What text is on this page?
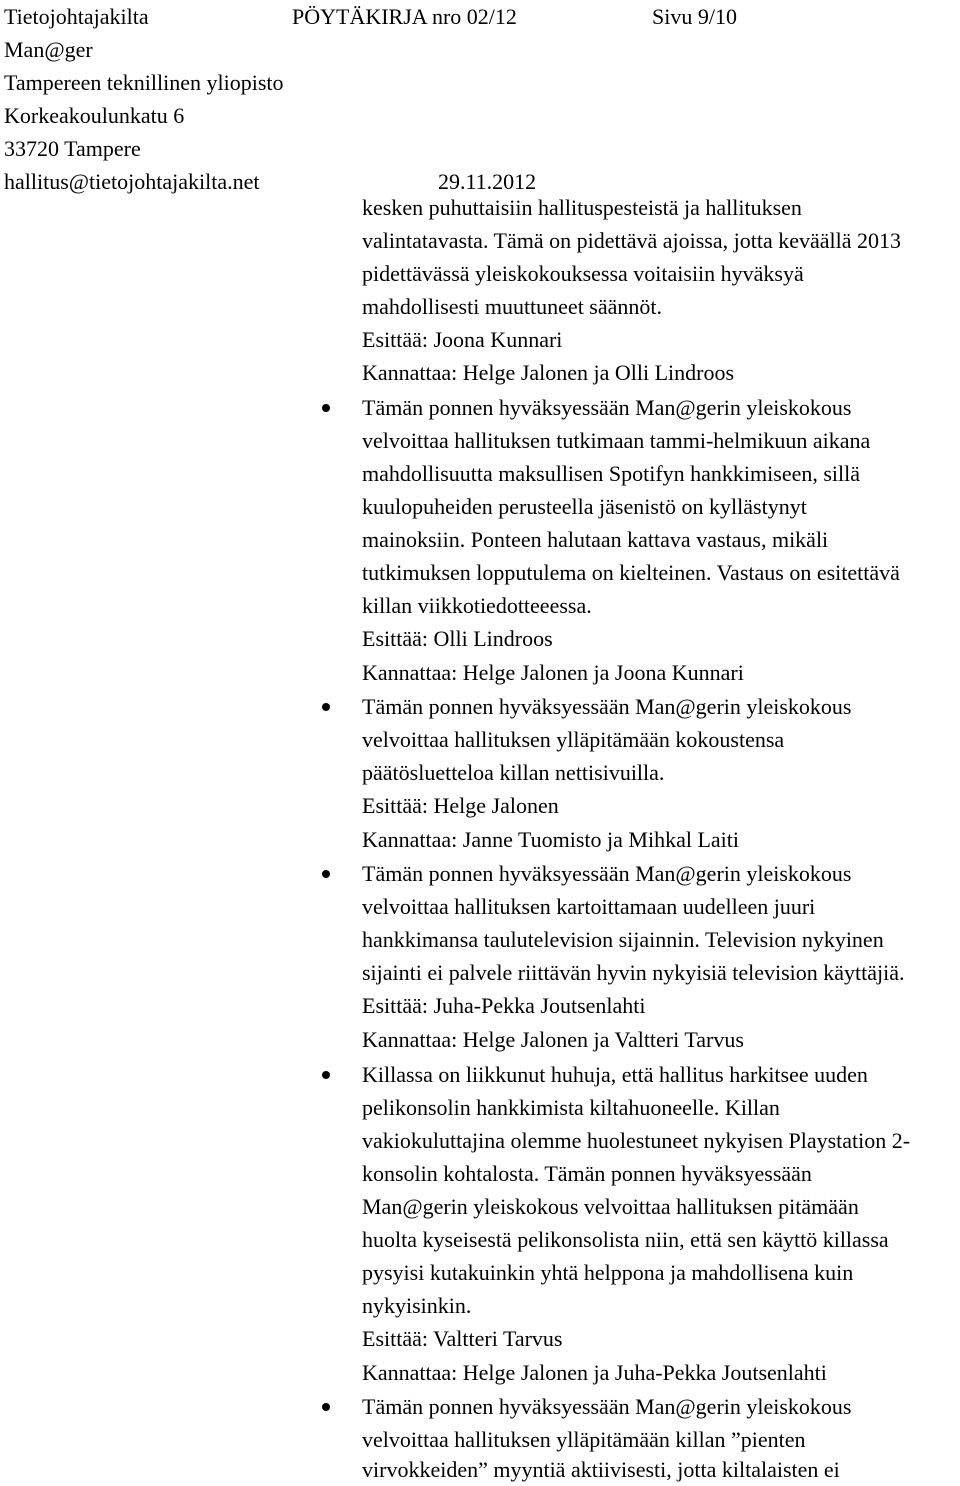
Tietojohtajakilta	PÖYTÄKIRJA nro 02/12	Sivu 9/10
Man@ger
Tampereen teknillinen yliopisto
Korkeakoulunkatu 6
33720 Tampere
hallitus@tietojohtajakilta.net	29.11.2012
kesken puhuttaisiin hallituspesteistä ja hallituksen
valintatavasta. Tämä on pidettävä ajoissa, jotta keväällä 2013
pidettävässä yleiskokouksessa voitaisiin hyväksyä
mahdollisesti muuttuneet säännöt.
Esittää: Joona Kunnari
Kannattaa: Helge Jalonen ja Olli Lindroos
Tämän ponnen hyväksyessään Man@gerin yleiskokous
velvoittaa hallituksen tutkimaan tammi-helmikuun aikana
mahdollisuutta maksullisen Spotifyn hankkimiseen, sillä
kuulopuheiden perusteella jäsenistö on kyllästynyt
mainoksiin. Ponteen halutaan kattava vastaus, mikäli
tutkimuksen lopputulema on kielteinen. Vastaus on esitettävä
killan viikkotiedotteeessa.
Esittää: Olli Lindroos
Kannattaa: Helge Jalonen ja Joona Kunnari
Tämän ponnen hyväksyessään Man@gerin yleiskokous
velvoittaa hallituksen ylläpitämään kokoustensa
päätösluetteloa killan nettisivuilla.
Esittää: Helge Jalonen
Kannattaa: Janne Tuomisto ja Mihkal Laiti
Tämän ponnen hyväksyessään Man@gerin yleiskokous
velvoittaa hallituksen kartoittamaan uudelleen juuri
hankkimansa taulutelevision sijainnin. Television nykyinen
sijainti ei palvele riittävän hyvin nykyisiä television käyttäjiä.
Esittää: Juha-Pekka Joutsenlahti
Kannattaa: Helge Jalonen ja Valtteri Tarvus
Killassa on liikkunut huhuja, että hallitus harkitsee uuden
pelikonsolin hankkimista kiltahuoneelle. Killan
vakiokuluttajina olemme huolestuneet nykyisen Playstation 2-
konsolin kohtalosta. Tämän ponnen hyväksyessään
Man@gerin yleiskokous velvoittaa hallituksen pitämään
huolta kyseisestä pelikonsolista niin, että sen käyttö killassa
pysyisi kutakuinkin yhtä helppona ja mahdollisena kuin
nykyisinkin.
Esittää: Valtteri Tarvus
Kannattaa: Helge Jalonen ja Juha-Pekka Joutsenlahti
Tämän ponnen hyväksyessään Man@gerin yleiskokous
velvoittaa hallituksen ylläpitämään killan ”pienten
virvokkeiden” myyntiä aktiivisesti, jotta kiltalaisten ei
